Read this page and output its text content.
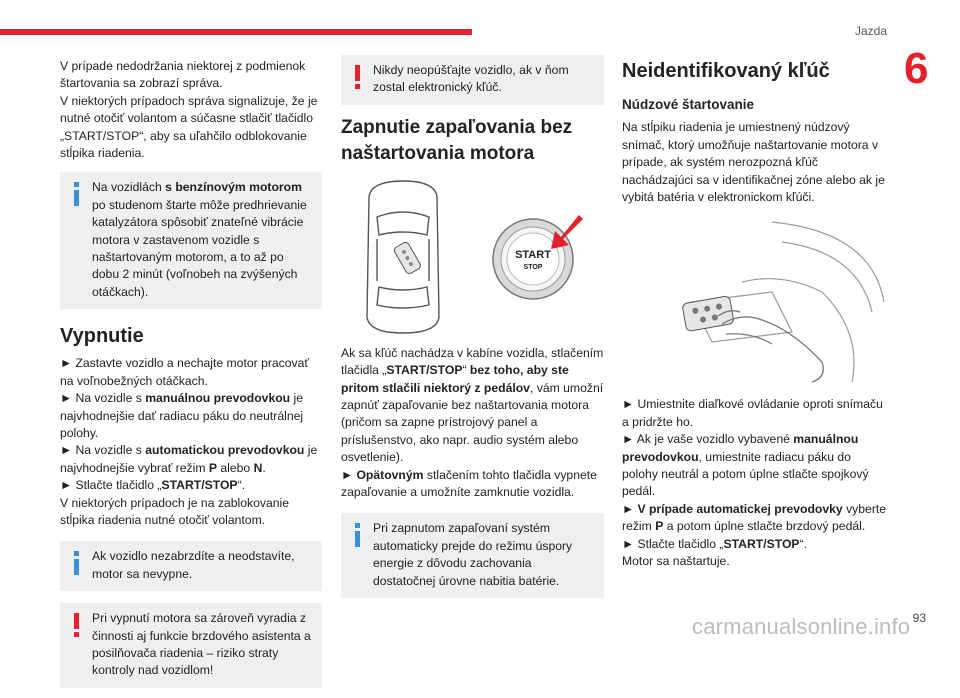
Jazda
6

V prípade nedodržania niektorej z podmienok štartovania sa zobrazí správa.

V niektorých prípadoch správa signalizuje, že je nutné otočiť volantom a súčasne stlačiť tlačidlo „START/STOP“, aby sa uľahčilo odblokovanie stĺpika riadenia.

Na vozidlách s benzínovým motorom po studenom štarte môže predhrievanie katalyzátora spôsobiť znateľné vibrácie motora v zastavenom vozidle s naštartovaným motorom, a to až po dobu 2 minút (voľnobeh na zvýšených otáčkach).
Vypnutie

► Zastavte vozidlo a nechajte motor pracovať na voľnobežných otáčkach.

► Na vozidle s manuálnou prevodovkou je najvhodnejšie dať radiacu páku do neutrálnej polohy.

► Na vozidle s automatickou prevodovkou je najvhodnejšie vybrať režim P alebo N.

► Stlačte tlačidlo „START/STOP“.

V niektorých prípadoch je na zablokovanie stĺpika riadenia nutné otočiť volantom.

Ak vozidlo nezabrzdíte a neodstavíte, motor sa nevypne.
Pri vypnutí motora sa zároveň vyradia z činnosti aj funkcie brzdového asistenta a posilňovača riadenia – riziko straty kontroly nad vozidlom!
Nikdy neopúšťajte vozidlo, ak v ňom zostal elektronický kľúč.
Zapnutie zapaľovania bez naštartovania motora
START
STOP

Ak sa kľúč nachádza v kabíne vozidla, stlačením tlačidla „START/STOP“ bez toho, aby ste pritom stlačili niektorý z pedálov, vám umožní zapnúť zapaľovanie bez naštartovania motora (pričom sa zapne prístrojový panel a príslušenstvo, ako napr. audio systém alebo osvetlenie).

► Opätovným stlačením tohto tlačidla vypnete zapaľovanie a umožníte zamknutie vozidla.

Pri zapnutom zapaľovaní systém automaticky prejde do režimu úspory energie z dôvodu zachovania dostatočnej úrovne nabitia batérie.
Neidentifikovaný kľúč
Núdzové štartovanie

Na stĺpiku riadenia je umiestnený núdzový snímač, ktorý umožňuje naštartovanie motora v prípade, ak systém nerozpozná kľúč nachádzajúci sa v identifikačnej zóne alebo ak je vybitá batéria v elektronickom kľúči.

► Umiestnite diaľkové ovládanie oproti snímaču a pridržte ho.

► Ak je vaše vozidlo vybavené manuálnou prevodovkou, umiestnite radiacu páku do polohy neutrál a potom úplne stlačte spojkový pedál.

► V prípade automatickej prevodovky vyberte režim P a potom úplne stlačte brzdový pedál.

► Stlačte tlačidlo „START/STOP“.

Motor sa naštartuje.

carmanualsonline.info 93
